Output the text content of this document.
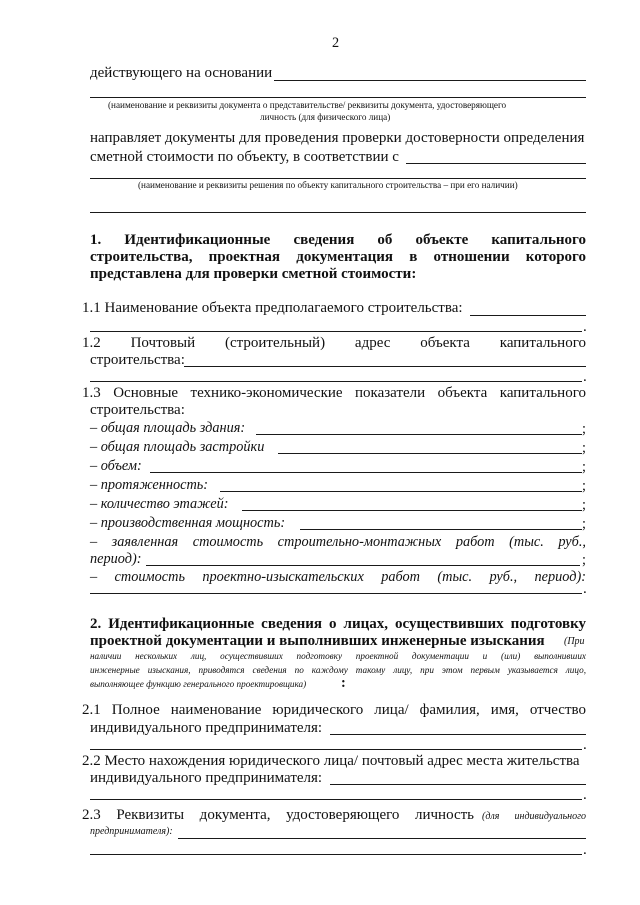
2
действующего на основании
(наименование и реквизиты документа о представительстве/ реквизиты документа, удостоверяющего
личность (для физического лица)
направляет документы для проведения проверки достоверности определения
сметной стоимости по объекту, в соответствии с
(наименование и реквизиты решения по объекту капитального строительства – при его наличии)
1. Идентификационные сведения об объекте капитального
строительства, проектная документация в отношении которого
представлена для проверки сметной стоимости:
1.1 Наименование объекта предполагаемого строительства:
.
1.2 Почтовый (строительный) адрес объекта капитального
строительства:
.
1.3 Основные технико-экономические показатели объекта капитального
строительства:
– общая площадь здания:	;
– общая площадь застройки	;
– объем:	;
– протяженность:	;
– количество этажей:	;
– производственная мощность:	;
– заявленная стоимость строительно-монтажных работ (тыс. руб.,
период):	;
– стоимость проектно-изыскательских работ (тыс. руб., период):
.
2. Идентификационные сведения о лицах, осуществивших подготовку
проектной документации и выполнивших инженерные изыскания (При
наличии нескольких лиц, осуществивших подготовку проектной документации и (или) выполнивших
инженерные изыскания, приводятся сведения по каждому такому лицу, при этом первым указывается лицо,
выполняющее функцию генерального проектировщика) :
2.1 Полное наименование юридического лица/ фамилия, имя, отчество
индивидуального предпринимателя:
.
2.2 Место нахождения юридического лица/ почтовый адрес места жительства
индивидуального предпринимателя:
.
2.3 Реквизиты документа, удостоверяющего личность (для индивидуального
предпринимателя):
.
